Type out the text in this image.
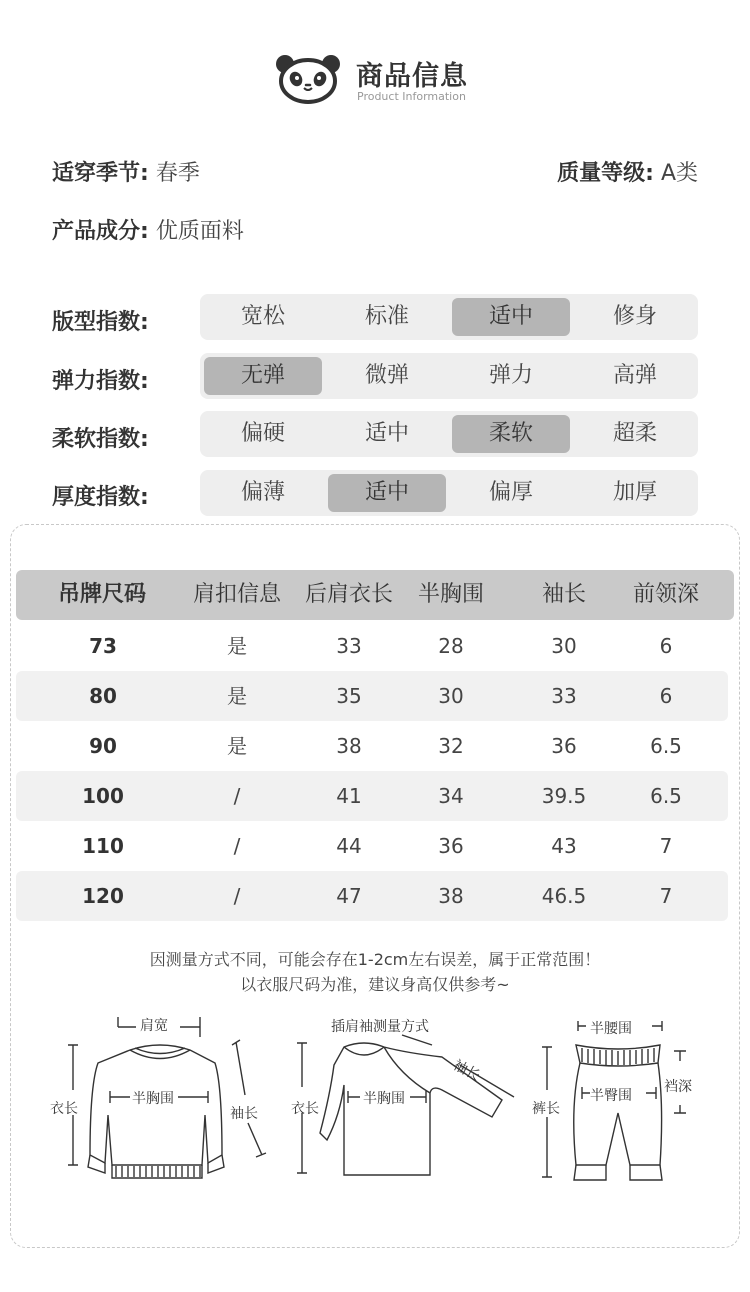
商品信息
Product Information
适穿季节: 春季	质量等级: A类
产品成分: 优质面料
版型指数:	宽松	标准	适中	修身
弹力指数:	无弹	微弹	弹力	高弹
柔软指数:	偏硬	适中	柔软	超柔
厚度指数:	偏薄	适中	偏厚	加厚
吊牌尺码	肩扣信息	后肩衣长	半胸围	袖长	前领深
73	是	33	28	30	6
80	是	35	30	33	6
90	是	38	32	36	6.5
100	/	41	34	39.5	6.5
110	/	44	36	43	7
120	/	47	38	46.5	7
因测量方式不同，可能会存在1-2cm左右误差，属于正常范围！
以衣服尺码为准，建议身高仅供参考~
肩宽
半胸围
衣长	袖长
插肩袖测量方式
半胸围
衣长
袖长
半腰围
半臀围
裤长
裆深
